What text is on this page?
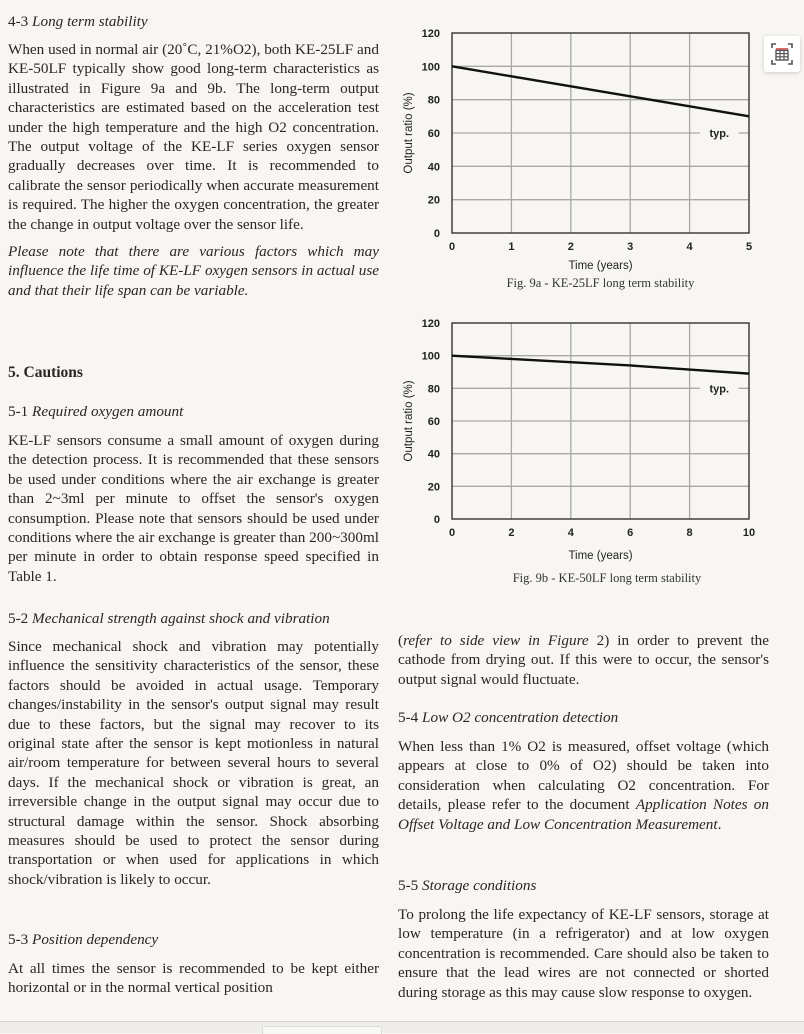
4-3 Long term stability

When used in normal air (20˚C, 21%O2), both KE-25LF and KE-50LF typically show good long-term characteristics as illustrated in Figure 9a and 9b. The long-term output characteristics are estimated based on the acceleration test under the high temperature and the high O2 concentration. The output voltage of the KE-LF series oxygen sensor gradually decreases over time. It is recommended to calibrate the sensor periodically when accurate measurement is required. The higher the oxygen concentration, the greater the change in output voltage over the sensor life.

Please note that there are various factors which may influence the life time of KE-LF oxygen sensors in actual use and that their life span can be variable.

5. Cautions

5-1 Required oxygen amount

KE-LF sensors consume a small amount of oxygen during the detection process. It is recommended that these sensors be used under conditions where the air exchange is greater than 2~3ml per minute to offset the sensor's oxygen consumption. Please note that sensors should be used under conditions where the air exchange is greater than 200~300ml per minute in order to obtain response speed specified in Table 1.

5-2 Mechanical strength against shock and vibration

Since mechanical shock and vibration may potentially influence the sensitivity characteristics of the sensor, these factors should be avoided in actual usage. Temporary changes/instability in the sensor's output signal may result due to these factors, but the signal may recover to its original state after the sensor is kept motionless in natural air/room temperature for between several hours to several days. If the mechanical shock or vibration is great, an irreversible change in the output signal may occur due to structural damage within the sensor. Shock absorbing measures should be used to protect the sensor during transportation or when used for applications in which shock/vibration is likely to occur.

5-3 Position dependency

At all times the sensor is recommended to be kept either horizontal or in the normal vertical position

0
20
40
60
80
100
120
0	1	2	3	4	5
typ.
Time (years)
Output ratio (%)
Fig. 9a - KE-25LF long term stability
0
20
40
60
80
100
120
0	2	4	6	8	10
typ.
Time (years)
Output ratio (%)
Fig. 9b - KE-50LF long term stability

(refer to side view in Figure 2) in order to prevent the cathode from drying out. If this were to occur, the sensor's output signal would fluctuate.

5-4 Low O2 concentration detection

When less than 1% O2 is measured, offset voltage (which appears at close to 0% of O2) should be taken into consideration when calculating O2 concentration. For details, please refer to the document Application Notes on Offset Voltage and Low Concentration Measurement.

5-5 Storage conditions

To prolong the life expectancy of KE-LF sensors, storage at low temperature (in a refrigerator) and at low oxygen concentration is recommended. Care should also be taken to ensure that the lead wires are not connected or shorted during storage as this may cause slow response to oxygen.
